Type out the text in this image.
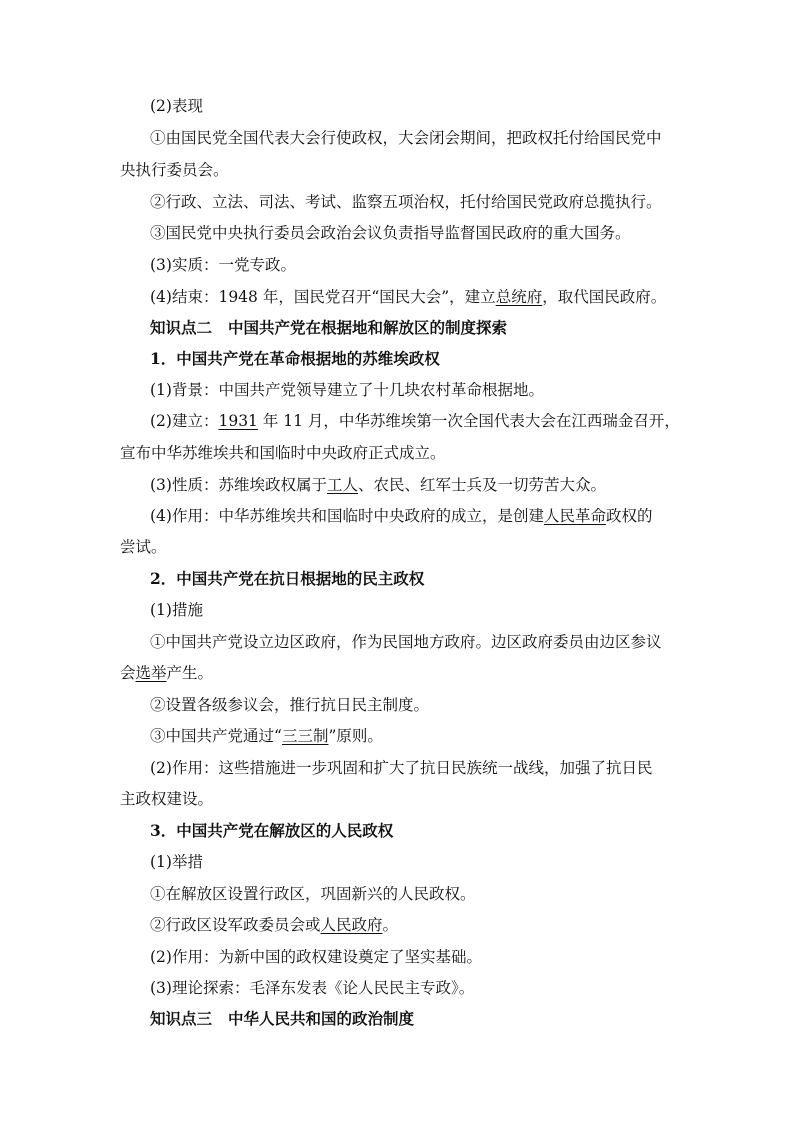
(2)表现
①由国民党全国代表大会行使政权，大会闭会期间，把政权托付给国民党中
央执行委员会。
②行政、立法、司法、考试、监察五项治权，托付给国民党政府总揽执行。
③国民党中央执行委员会政治会议负责指导监督国民政府的重大国务。
(3)实质：一党专政。
(4)结束：1948 年，国民党召开“国民大会”，建立总统府，取代国民政府。
知识点二 中国共产党在根据地和解放区的制度探索
1．中国共产党在革命根据地的苏维埃政权
(1)背景：中国共产党领导建立了十几块农村革命根据地。
(2)建立：1931 年 11 月，中华苏维埃第一次全国代表大会在江西瑞金召开，
宣布中华苏维埃共和国临时中央政府正式成立。
(3)性质：苏维埃政权属于工人、农民、红军士兵及一切劳苦大众。
(4)作用：中华苏维埃共和国临时中央政府的成立，是创建人民革命政权的
尝试。
2．中国共产党在抗日根据地的民主政权
(1)措施
①中国共产党设立边区政府，作为民国地方政府。边区政府委员由边区参议
会选举产生。
②设置各级参议会，推行抗日民主制度。
③中国共产党通过“三三制”原则。
(2)作用：这些措施进一步巩固和扩大了抗日民族统一战线，加强了抗日民
主政权建设。
3．中国共产党在解放区的人民政权
(1)举措
①在解放区设置行政区，巩固新兴的人民政权。
②行政区设军政委员会或人民政府。
(2)作用：为新中国的政权建设奠定了坚实基础。
(3)理论探索：毛泽东发表《论人民民主专政》。
知识点三 中华人民共和国的政治制度
